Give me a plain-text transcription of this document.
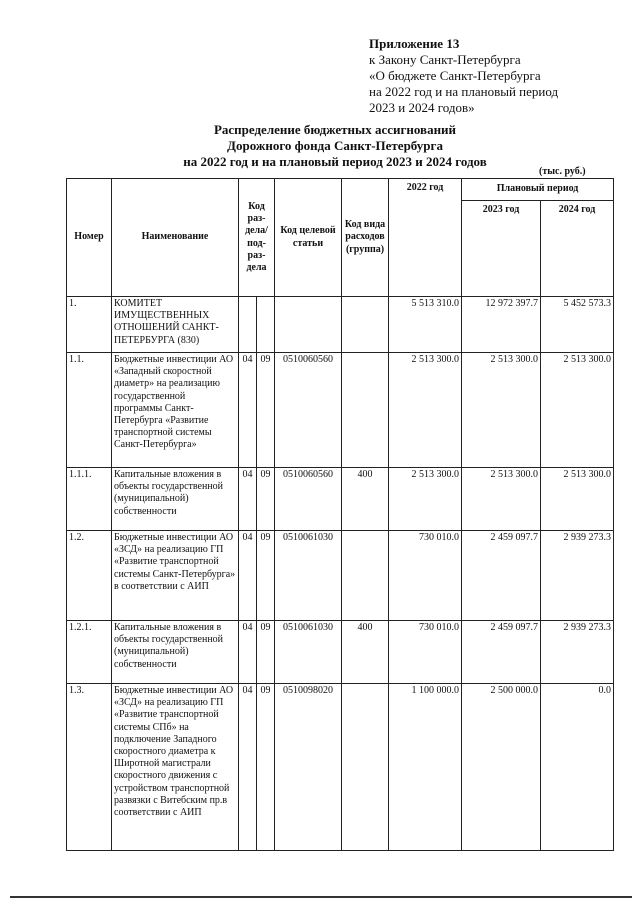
Приложение 13
к Закону Санкт-Петербурга
«О бюджете Санкт-Петербурга
на 2022 год и на плановый период
2023 и 2024 годов»
Распределение бюджетных ассигнований
Дорожного фонда Санкт-Петербурга
на 2022 год и на плановый период 2023 и 2024 годов
(тыс. руб.)
Номер	Наименование	Код раз-дела/ под-раз-дела		Код целевой статьи	Код вида расходов (группа)	2022 год	Плановый период	
							2023 год	2024 год
1.	КОМИТЕТ ИМУЩЕСТВЕННЫХ ОТНОШЕНИЙ САНКТ-ПЕТЕРБУРГА (830)					5 513 310.0	12 972 397.7	5 452 573.3
1.1.	Бюджетные инвестиции АО «Западный скоростной диаметр» на реализацию государственной программы Санкт-Петербурга «Развитие транспортной системы Санкт-Петербурга»	04	09	0510060560		2 513 300.0	2 513 300.0	2 513 300.0
1.1.1.	Капитальные вложения в объекты государственной (муниципальной) собственности	04	09	0510060560	400	2 513 300.0	2 513 300.0	2 513 300.0
1.2.	Бюджетные инвестиции АО «ЗСД» на реализацию ГП «Развитие транспортной системы Санкт-Петербурга» в соответствии с АИП	04	09	0510061030		730 010.0	2 459 097.7	2 939 273.3
1.2.1.	Капитальные вложения в объекты государственной (муниципальной) собственности	04	09	0510061030	400	730 010.0	2 459 097.7	2 939 273.3
1.3.	Бюджетные инвестиции АО «ЗСД» на реализацию ГП «Развитие транспортной системы СПб» на подключение Западного скоростного диаметра к Широтной магистрали скоростного движения с устройством транспортной развязки с Витебским пр.в соответствии с АИП	04	09	0510098020		1 100 000.0	2 500 000.0	0.0
